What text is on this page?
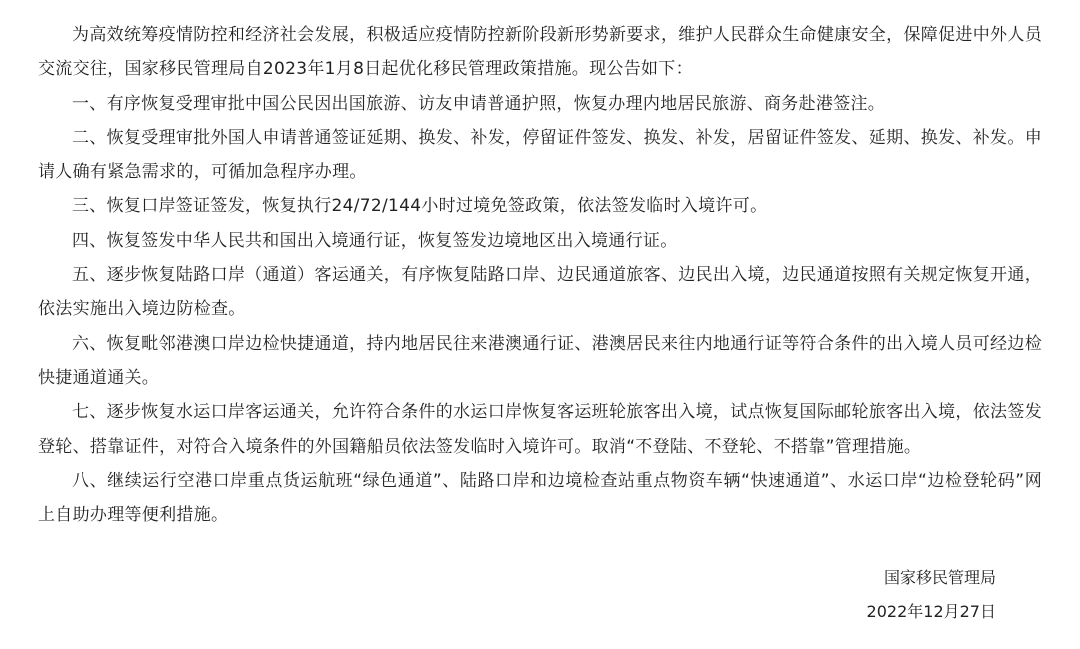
为高效统筹疫情防控和经济社会发展，积极适应疫情防控新阶段新形势新要求，维护人民群众生命健康安全，保障促进中外人员交流交往，国家移民管理局自2023年1月8日起优化移民管理政策措施。现公告如下：

一、有序恢复受理审批中国公民因出国旅游、访友申请普通护照，恢复办理内地居民旅游、商务赴港签注。

二、恢复受理审批外国人申请普通签证延期、换发、补发，停留证件签发、换发、补发，居留证件签发、延期、换发、补发。申请人确有紧急需求的，可循加急程序办理。

三、恢复口岸签证签发，恢复执行24/72/144小时过境免签政策，依法签发临时入境许可。

四、恢复签发中华人民共和国出入境通行证，恢复签发边境地区出入境通行证。

五、逐步恢复陆路口岸（通道）客运通关，有序恢复陆路口岸、边民通道旅客、边民出入境，边民通道按照有关规定恢复开通，依法实施出入境边防检查。

六、恢复毗邻港澳口岸边检快捷通道，持内地居民往来港澳通行证、港澳居民来往内地通行证等符合条件的出入境人员可经边检快捷通道通关。

七、逐步恢复水运口岸客运通关，允许符合条件的水运口岸恢复客运班轮旅客出入境，试点恢复国际邮轮旅客出入境，依法签发登轮、搭靠证件，对符合入境条件的外国籍船员依法签发临时入境许可。取消“不登陆、不登轮、不搭靠”管理措施。

八、继续运行空港口岸重点货运航班“绿色通道”、陆路口岸和边境检查站重点物资车辆“快速通道”、水运口岸“边检登轮码”网上自助办理等便利措施。

国家移民管理局
2022年12月27日
